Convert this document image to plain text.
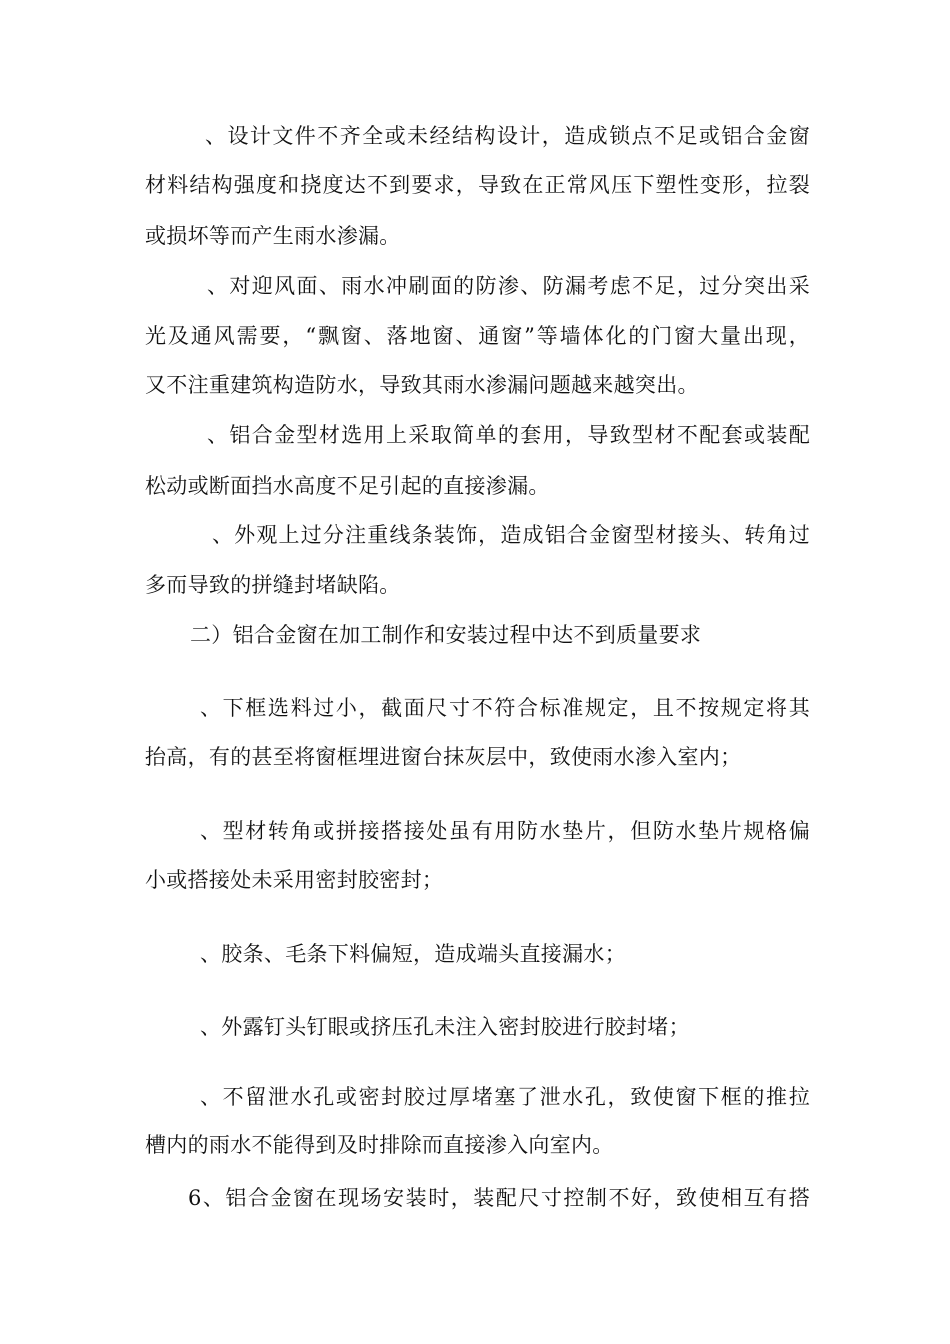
、设计文件不齐全或未经结构设计，造成锁点不足或铝合金窗
材料结构强度和挠度达不到要求，导致在正常风压下塑性变形，拉裂
或损坏等而产生雨水渗漏。
、对迎风面、雨水冲刷面的防渗、防漏考虑不足，过分突出采
光及通风需要，“飘窗、落地窗、通窗”等墙体化的门窗大量出现，
又不注重建筑构造防水，导致其雨水渗漏问题越来越突出。
、铝合金型材选用上采取简单的套用，导致型材不配套或装配
松动或断面挡水高度不足引起的直接渗漏。
、外观上过分注重线条装饰，造成铝合金窗型材接头、转角过
多而导致的拼缝封堵缺陷。
二）铝合金窗在加工制作和安装过程中达不到质量要求
、下框选料过小，截面尺寸不符合标准规定，且不按规定将其
抬高，有的甚至将窗框埋进窗台抹灰层中，致使雨水渗入室内；
、型材转角或拼接搭接处虽有用防水垫片，但防水垫片规格偏
小或搭接处未采用密封胶密封；
、胶条、毛条下料偏短，造成端头直接漏水；
、外露钉头钉眼或挤压孔未注入密封胶进行胶封堵；
、不留泄水孔或密封胶过厚堵塞了泄水孔，致使窗下框的推拉
槽内的雨水不能得到及时排除而直接渗入向室内。
6、铝合金窗在现场安装时，装配尺寸控制不好，致使相互有搭
